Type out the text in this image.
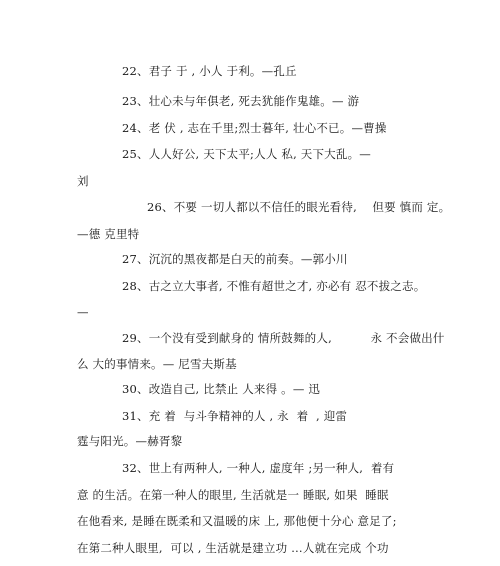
22、君子 于 , 小人 于利。—孔丘
23、壮心未与年俱老, 死去犹能作鬼雄。— 游
24、老 伏 , 志在千里;烈士暮年, 壮心不已。—曹操
25、人人好公, 天下太平;人人 私, 天下大乱。—
刘
26、不要 一切人都以不信任的眼光看待,    但要 慎而 定。
—德 克里特
27、沉沉的黑夜都是白天的前奏。—郭小川
28、古之立大事者, 不惟有超世之才, 亦必有 忍不拔之志。
—
29、一个没有受到献身的 情所鼓舞的人,          永 不会做出什
么 大的事情来。— 尼雪夫斯基
30、改造自己, 比禁止 人来得 。— 迅
31、充 着  与斗争精神的人 , 永  着  , 迎雷
霆与阳光。—赫胥黎
32、世上有两种人, 一种人, 虚度年 ;另一种人,  着有
意 的生活。在第一种人的眼里, 生活就是一 睡眠, 如果  睡眠
在他看来, 是睡在既柔和又温暖的床 上, 那他便十分心 意足了;
在第二种人眼里,  可以 , 生活就是建立功 …人就在完成 个功
